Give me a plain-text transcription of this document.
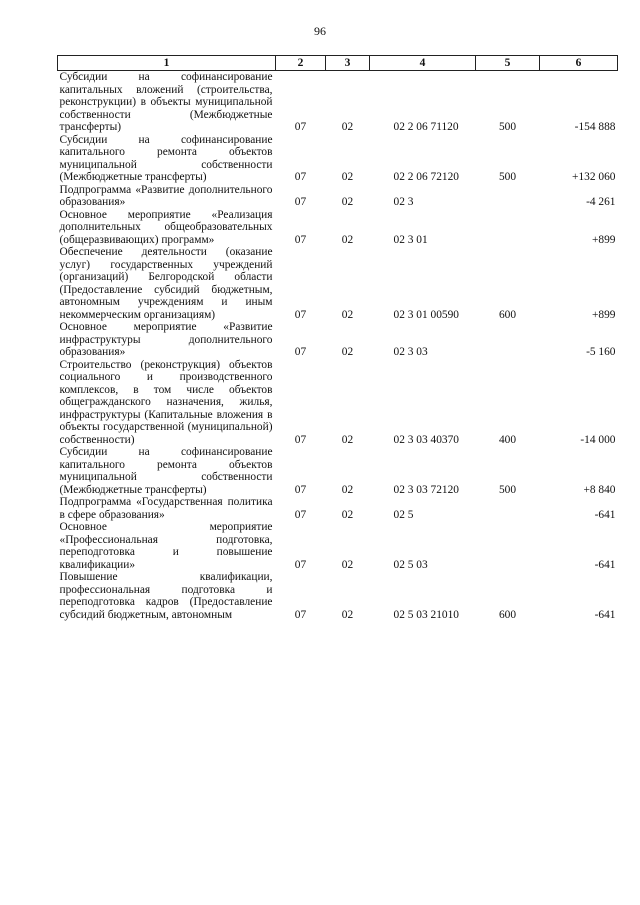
96
1	2	3	4	5	6
Субсидии на софинансирование капитальных вложений (строительства, реконструкции) в объекты муниципальной собственности (Межбюджетные трансферты)	07	02	02 2 06 71120	500	-154 888
Субсидии на софинансирование капитального ремонта объектов муниципальной собственности (Межбюджетные трансферты)	07	02	02 2 06 72120	500	+132 060
Подпрограмма «Развитие дополнительного образования»	07	02	02 3		-4 261
Основное мероприятие «Реализация дополнительных общеобразовательных (общеразвивающих) программ»	07	02	02 3 01		+899
Обеспечение деятельности (оказание услуг) государственных учреждений (организаций) Белгородской области (Предоставление субсидий бюджетным, автономным учреждениям и иным некоммерческим организациям)	07	02	02 3 01 00590	600	+899
Основное мероприятие «Развитие инфраструктуры дополнительного образования»	07	02	02 3 03		-5 160
Строительство (реконструкция) объектов социального и производственного комплексов, в том числе объектов общегражданского назначения, жилья, инфраструктуры (Капитальные вложения в объекты государственной (муниципальной) собственности)	07	02	02 3 03 40370	400	-14 000
Субсидии на софинансирование капитального ремонта объектов муниципальной собственности (Межбюджетные трансферты)	07	02	02 3 03 72120	500	+8 840
Подпрограмма «Государственная политика в сфере образования»	07	02	02 5		-641
Основное мероприятие «Профессиональная подготовка, переподготовка и повышение квалификации»	07	02	02 5 03		-641
Повышение квалификации, профессиональная подготовка и переподготовка кадров (Предоставление субсидий бюджетным, автономным	07	02	02 5 03 21010	600	-641
